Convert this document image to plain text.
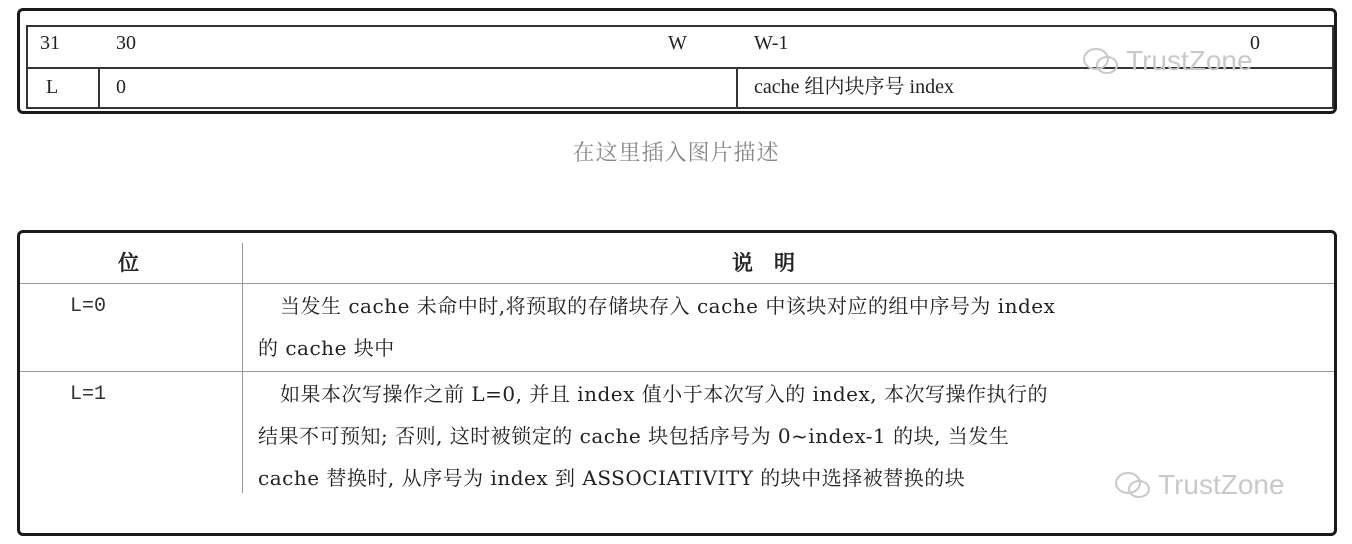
31	30	W	W-1	0
L	0	cache 组内块序号 index
TrustZone
在这里插入图片描述
位	说　明
L=0	当发生 cache 未命中时,将预取的存储块存入 cache 中该块对应的组中序号为 index
的 cache 块中
L=1	如果本次写操作之前 L=0, 并且 index 值小于本次写入的 index, 本次写操作执行的
结果不可预知; 否则, 这时被锁定的 cache 块包括序号为 0~index-1 的块, 当发生
cache 替换时, 从序号为 index 到 ASSOCIATIVITY 的块中选择被替换的块	TrustZone
